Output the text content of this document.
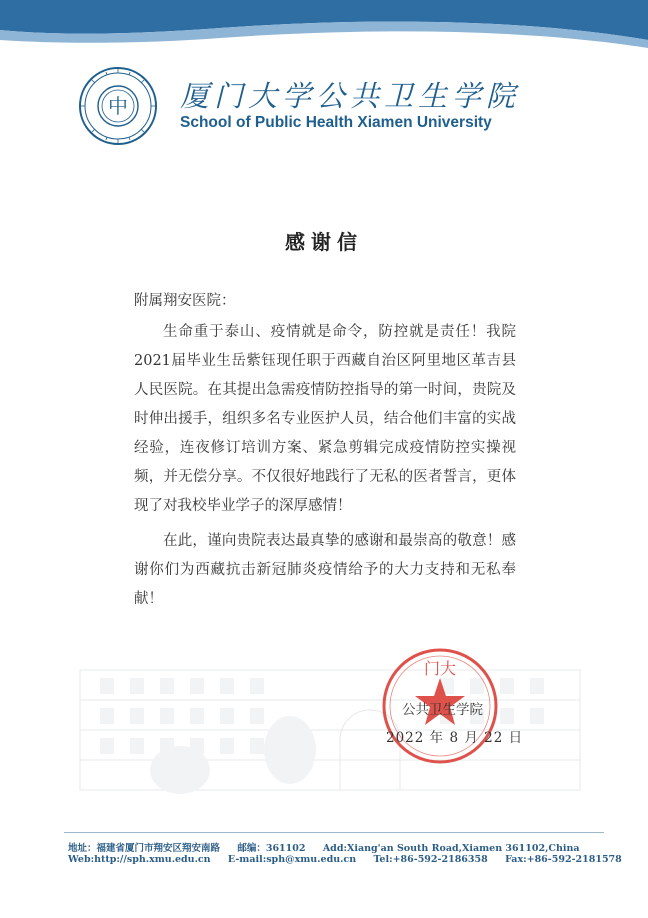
中 厦门大学公共卫生学院
School of Public Health Xiamen University
感谢信
附属翔安医院：

生命重于泰山、疫情就是命令，防控就是责任！我院2021届毕业生岳紫钰现任职于西藏自治区阿里地区革吉县人民医院。在其提出急需疫情防控指导的第一时间，贵院及时伸出援手，组织多名专业医护人员，结合他们丰富的实战经验，连夜修订培训方案、紧急剪辑完成疫情防控实操视频，并无偿分享。不仅很好地践行了无私的医者誓言，更体现了对我校毕业学子的深厚感情！

在此，谨向贵院表达最真挚的感谢和最崇高的敬意！感谢你们为西藏抗击新冠肺炎疫情给予的大力支持和无私奉献！

门大
公共卫生学院
2022 年 8 月 22 日
地址：福建省厦门市翔安区翔安南路 邮编：361102 Add:Xiang'an South Road,Xiamen 361102,China
Web:http://sph.xmu.edu.cn E-mail:sph@xmu.edu.cn Tel:+86-592-2186358 Fax:+86-592-2181578
